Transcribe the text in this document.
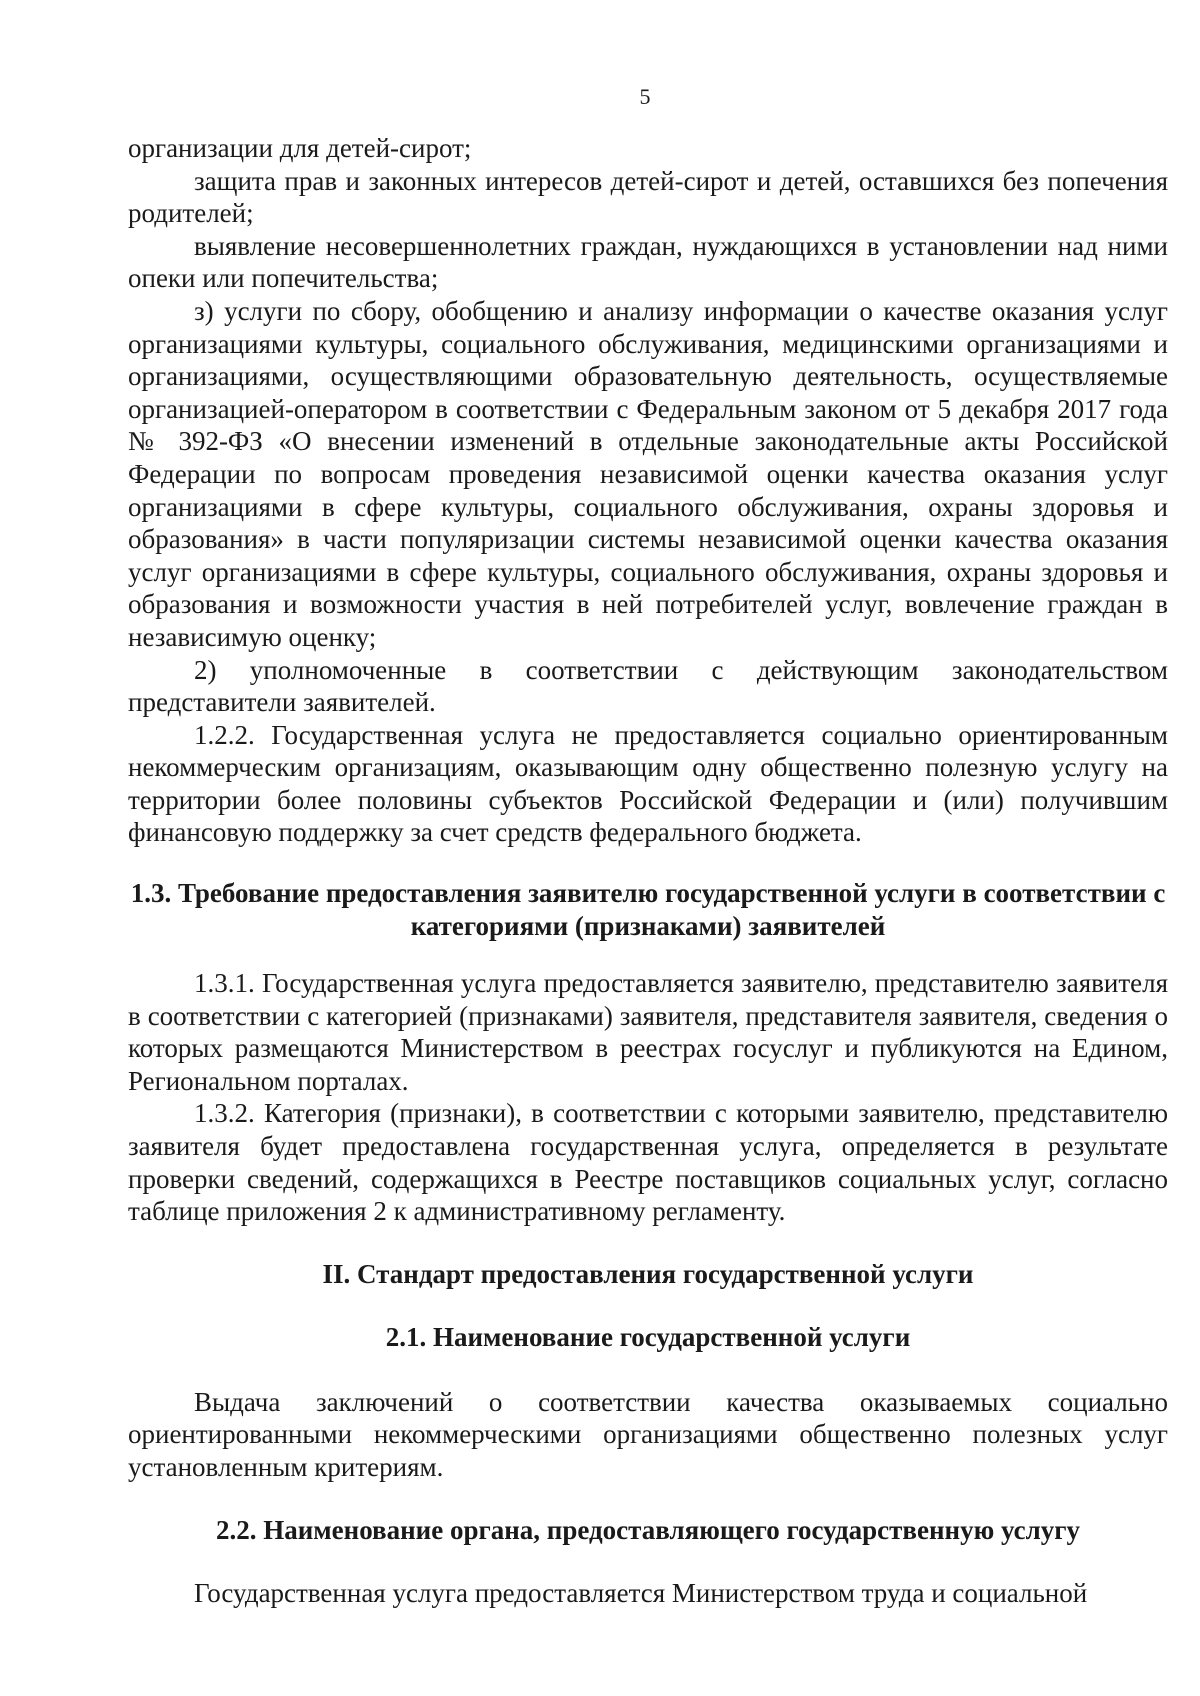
5

организации для детей-сирот;

защита прав и законных интересов детей-сирот и детей, оставшихся без попечения родителей;

выявление несовершеннолетних граждан, нуждающихся в установлении над ними опеки или попечительства;

з) услуги по сбору, обобщению и анализу информации о качестве оказания услуг организациями культуры, социального обслуживания, медицинскими организациями и организациями, осуществляющими образовательную деятельность, осуществляемые организацией-оператором в соответствии с Федеральным законом от 5 декабря 2017 года № 392-ФЗ «О внесении изменений в отдельные законодательные акты Российской Федерации по вопросам проведения независимой оценки качества оказания услуг организациями в сфере культуры, социального обслуживания, охраны здоровья и образования» в части популяризации системы независимой оценки качества оказания услуг организациями в сфере культуры, социального обслуживания, охраны здоровья и образования и возможности участия в ней потребителей услуг, вовлечение граждан в независимую оценку;

2) уполномоченные в соответствии с действующим законодательством представители заявителей.

1.2.2. Государственная услуга не предоставляется социально ориентированным некоммерческим организациям, оказывающим одну общественно полезную услугу на территории более половины субъектов Российской Федерации и (или) получившим финансовую поддержку за счет средств федерального бюджета.

1.3. Требование предоставления заявителю государственной услуги в соответствии с категориями (признаками) заявителей

1.3.1. Государственная услуга предоставляется заявителю, представителю заявителя в соответствии с категорией (признаками) заявителя, представителя заявителя, сведения о которых размещаются Министерством в реестрах госуслуг и публикуются на Едином, Региональном порталах.

1.3.2. Категория (признаки), в соответствии с которыми заявителю, представителю заявителя будет предоставлена государственная услуга, определяется в результате проверки сведений, содержащихся в Реестре поставщиков социальных услуг, согласно таблице приложения 2 к административному регламенту.

II. Стандарт предоставления государственной услуги
2.1. Наименование государственной услуги

Выдача заключений о соответствии качества оказываемых социально ориентированными некоммерческими организациями общественно полезных услуг установленным критериям.

2.2. Наименование органа, предоставляющего государственную услугу

Государственная услуга предоставляется Министерством труда и социальной
